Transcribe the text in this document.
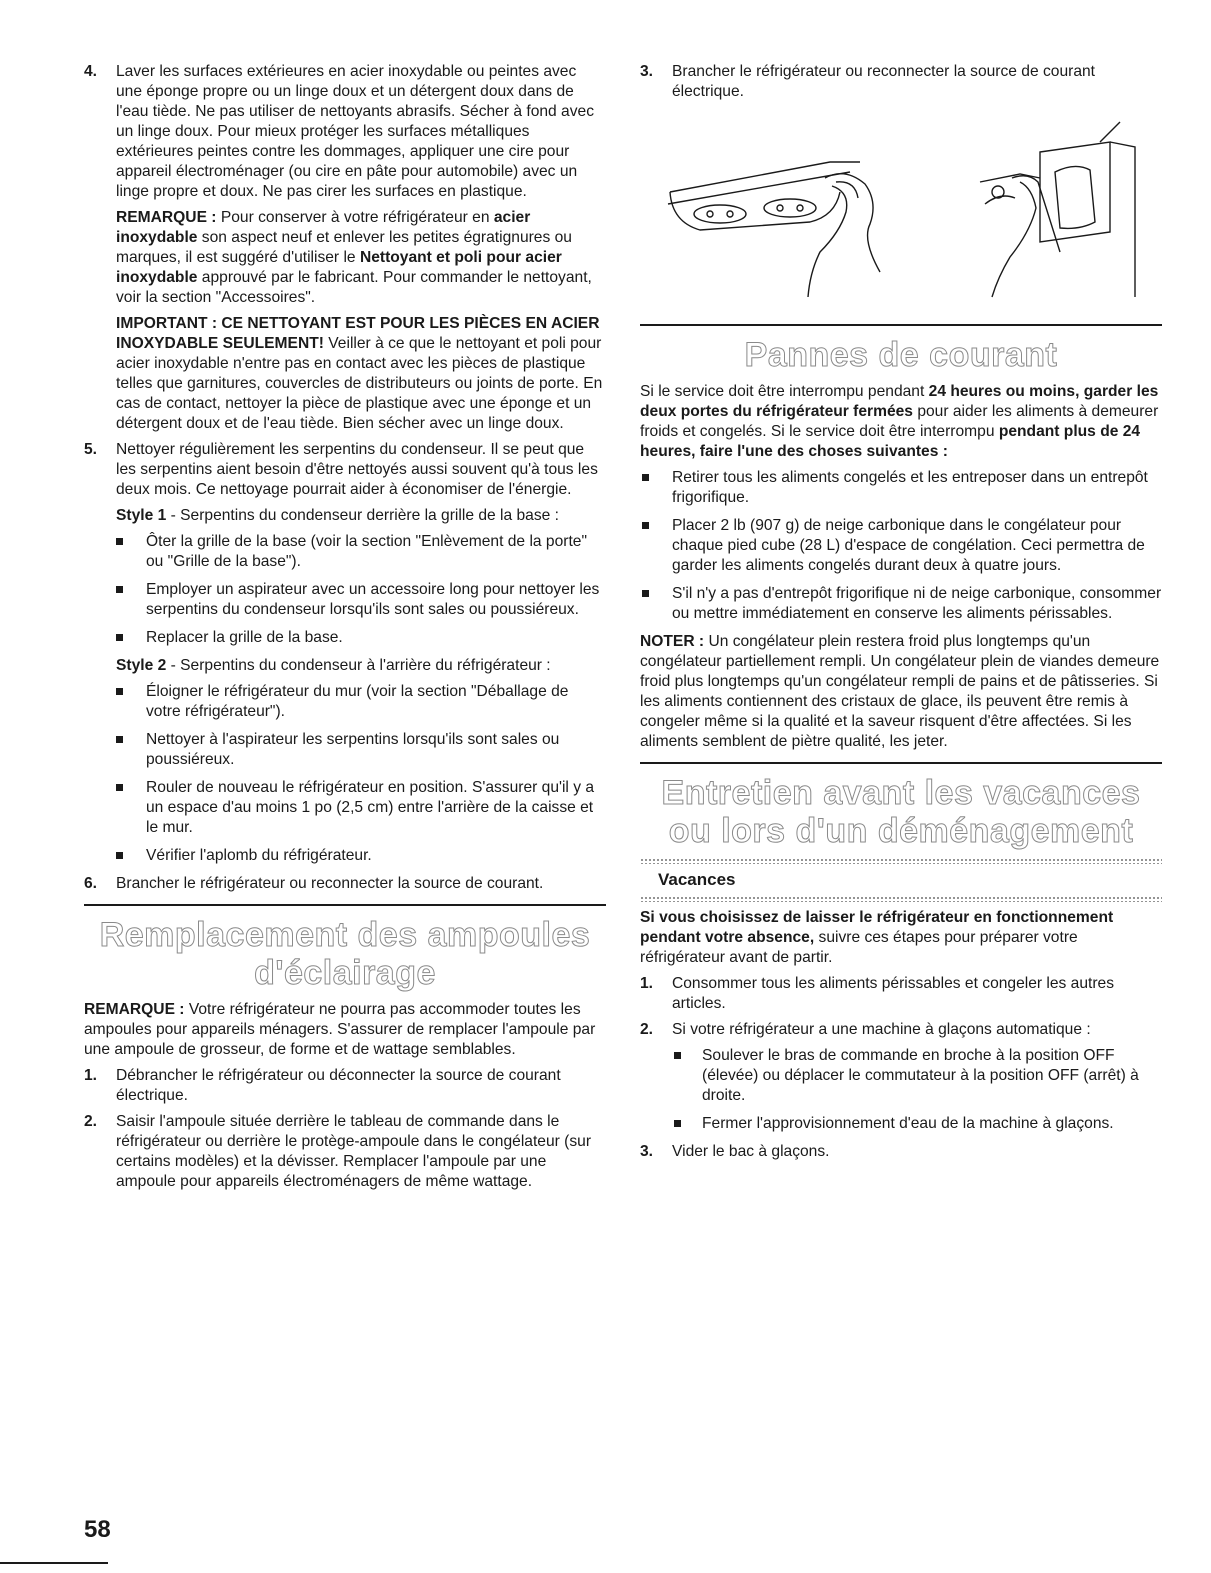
4. Laver les surfaces extérieures en acier inoxydable ou peintes avec une éponge propre ou un linge doux et un détergent doux dans de l'eau tiède. Ne pas utiliser de nettoyants abrasifs. Sécher à fond avec un linge doux. Pour mieux protéger les surfaces métalliques extérieures peintes contre les dommages, appliquer une cire pour appareil électroménager (ou cire en pâte pour automobile) avec un linge propre et doux. Ne pas cirer les surfaces en plastique.

REMARQUE : Pour conserver à votre réfrigérateur en acier inoxydable son aspect neuf et enlever les petites égratignures ou marques, il est suggéré d'utiliser le Nettoyant et poli pour acier inoxydable approuvé par le fabricant. Pour commander le nettoyant, voir la section "Accessoires".

IMPORTANT : CE NETTOYANT EST POUR LES PIÈCES EN ACIER INOXYDABLE SEULEMENT! Veiller à ce que le nettoyant et poli pour acier inoxydable n'entre pas en contact avec les pièces de plastique telles que garnitures, couvercles de distributeurs ou joints de porte. En cas de contact, nettoyer la pièce de plastique avec une éponge et un détergent doux et de l'eau tiède. Bien sécher avec un linge doux.

5. Nettoyer régulièrement les serpentins du condenseur. Il se peut que les serpentins aient besoin d'être nettoyés aussi souvent qu'à tous les deux mois. Ce nettoyage pourrait aider à économiser de l'énergie.

Style 1 - Serpentins du condenseur derrière la grille de la base :

Ôter la grille de la base (voir la section "Enlèvement de la porte" ou "Grille de la base").
Employer un aspirateur avec un accessoire long pour nettoyer les serpentins du condenseur lorsqu'ils sont sales ou poussiéreux.
Replacer la grille de la base.

Style 2 - Serpentins du condenseur à l'arrière du réfrigérateur :

Éloigner le réfrigérateur du mur (voir la section "Déballage de votre réfrigérateur").
Nettoyer à l'aspirateur les serpentins lorsqu'ils sont sales ou poussiéreux.
Rouler de nouveau le réfrigérateur en position. S'assurer qu'il y a un espace d'au moins 1 po (2,5 cm) entre l'arrière de la caisse et le mur.
Vérifier l'aplomb du réfrigérateur.
6. Brancher le réfrigérateur ou reconnecter la source de courant.
Remplacement des ampoules d'éclairage

REMARQUE : Votre réfrigérateur ne pourra pas accommoder toutes les ampoules pour appareils ménagers. S'assurer de remplacer l'ampoule par une ampoule de grosseur, de forme et de wattage semblables.

1. Débrancher le réfrigérateur ou déconnecter la source de courant électrique.
2. Saisir l'ampoule située derrière le tableau de commande dans le réfrigérateur ou derrière le protège-ampoule dans le congélateur (sur certains modèles) et la dévisser. Remplacer l'ampoule par une ampoule pour appareils électroménagers de même wattage.
3. Brancher le réfrigérateur ou reconnecter la source de courant électrique.
Pannes de courant

Si le service doit être interrompu pendant 24 heures ou moins, garder les deux portes du réfrigérateur fermées pour aider les aliments à demeurer froids et congelés. Si le service doit être interrompu pendant plus de 24 heures, faire l'une des choses suivantes :

Retirer tous les aliments congelés et les entreposer dans un entrepôt frigorifique.
Placer 2 lb (907 g) de neige carbonique dans le congélateur pour chaque pied cube (28 L) d'espace de congélation. Ceci permettra de garder les aliments congelés durant deux à quatre jours.
S'il n'y a pas d'entrepôt frigorifique ni de neige carbonique, consommer ou mettre immédiatement en conserve les aliments périssables.

NOTER : Un congélateur plein restera froid plus longtemps qu'un congélateur partiellement rempli. Un congélateur plein de viandes demeure froid plus longtemps qu'un congélateur rempli de pains et de pâtisseries. Si les aliments contiennent des cristaux de glace, ils peuvent être remis à congeler même si la qualité et la saveur risquent d'être affectées. Si les aliments semblent de piètre qualité, les jeter.

Entretien avant les vacances ou lors d'un déménagement
Vacances

Si vous choisissez de laisser le réfrigérateur en fonctionnement pendant votre absence, suivre ces étapes pour préparer votre réfrigérateur avant de partir.

1. Consommer tous les aliments périssables et congeler les autres articles.
2. Si votre réfrigérateur a une machine à glaçons automatique :
Soulever le bras de commande en broche à la position OFF (élevée) ou déplacer le commutateur à la position OFF (arrêt) à droite.
Fermer l'approvisionnement d'eau de la machine à glaçons.
3. Vider le bac à glaçons.
58
